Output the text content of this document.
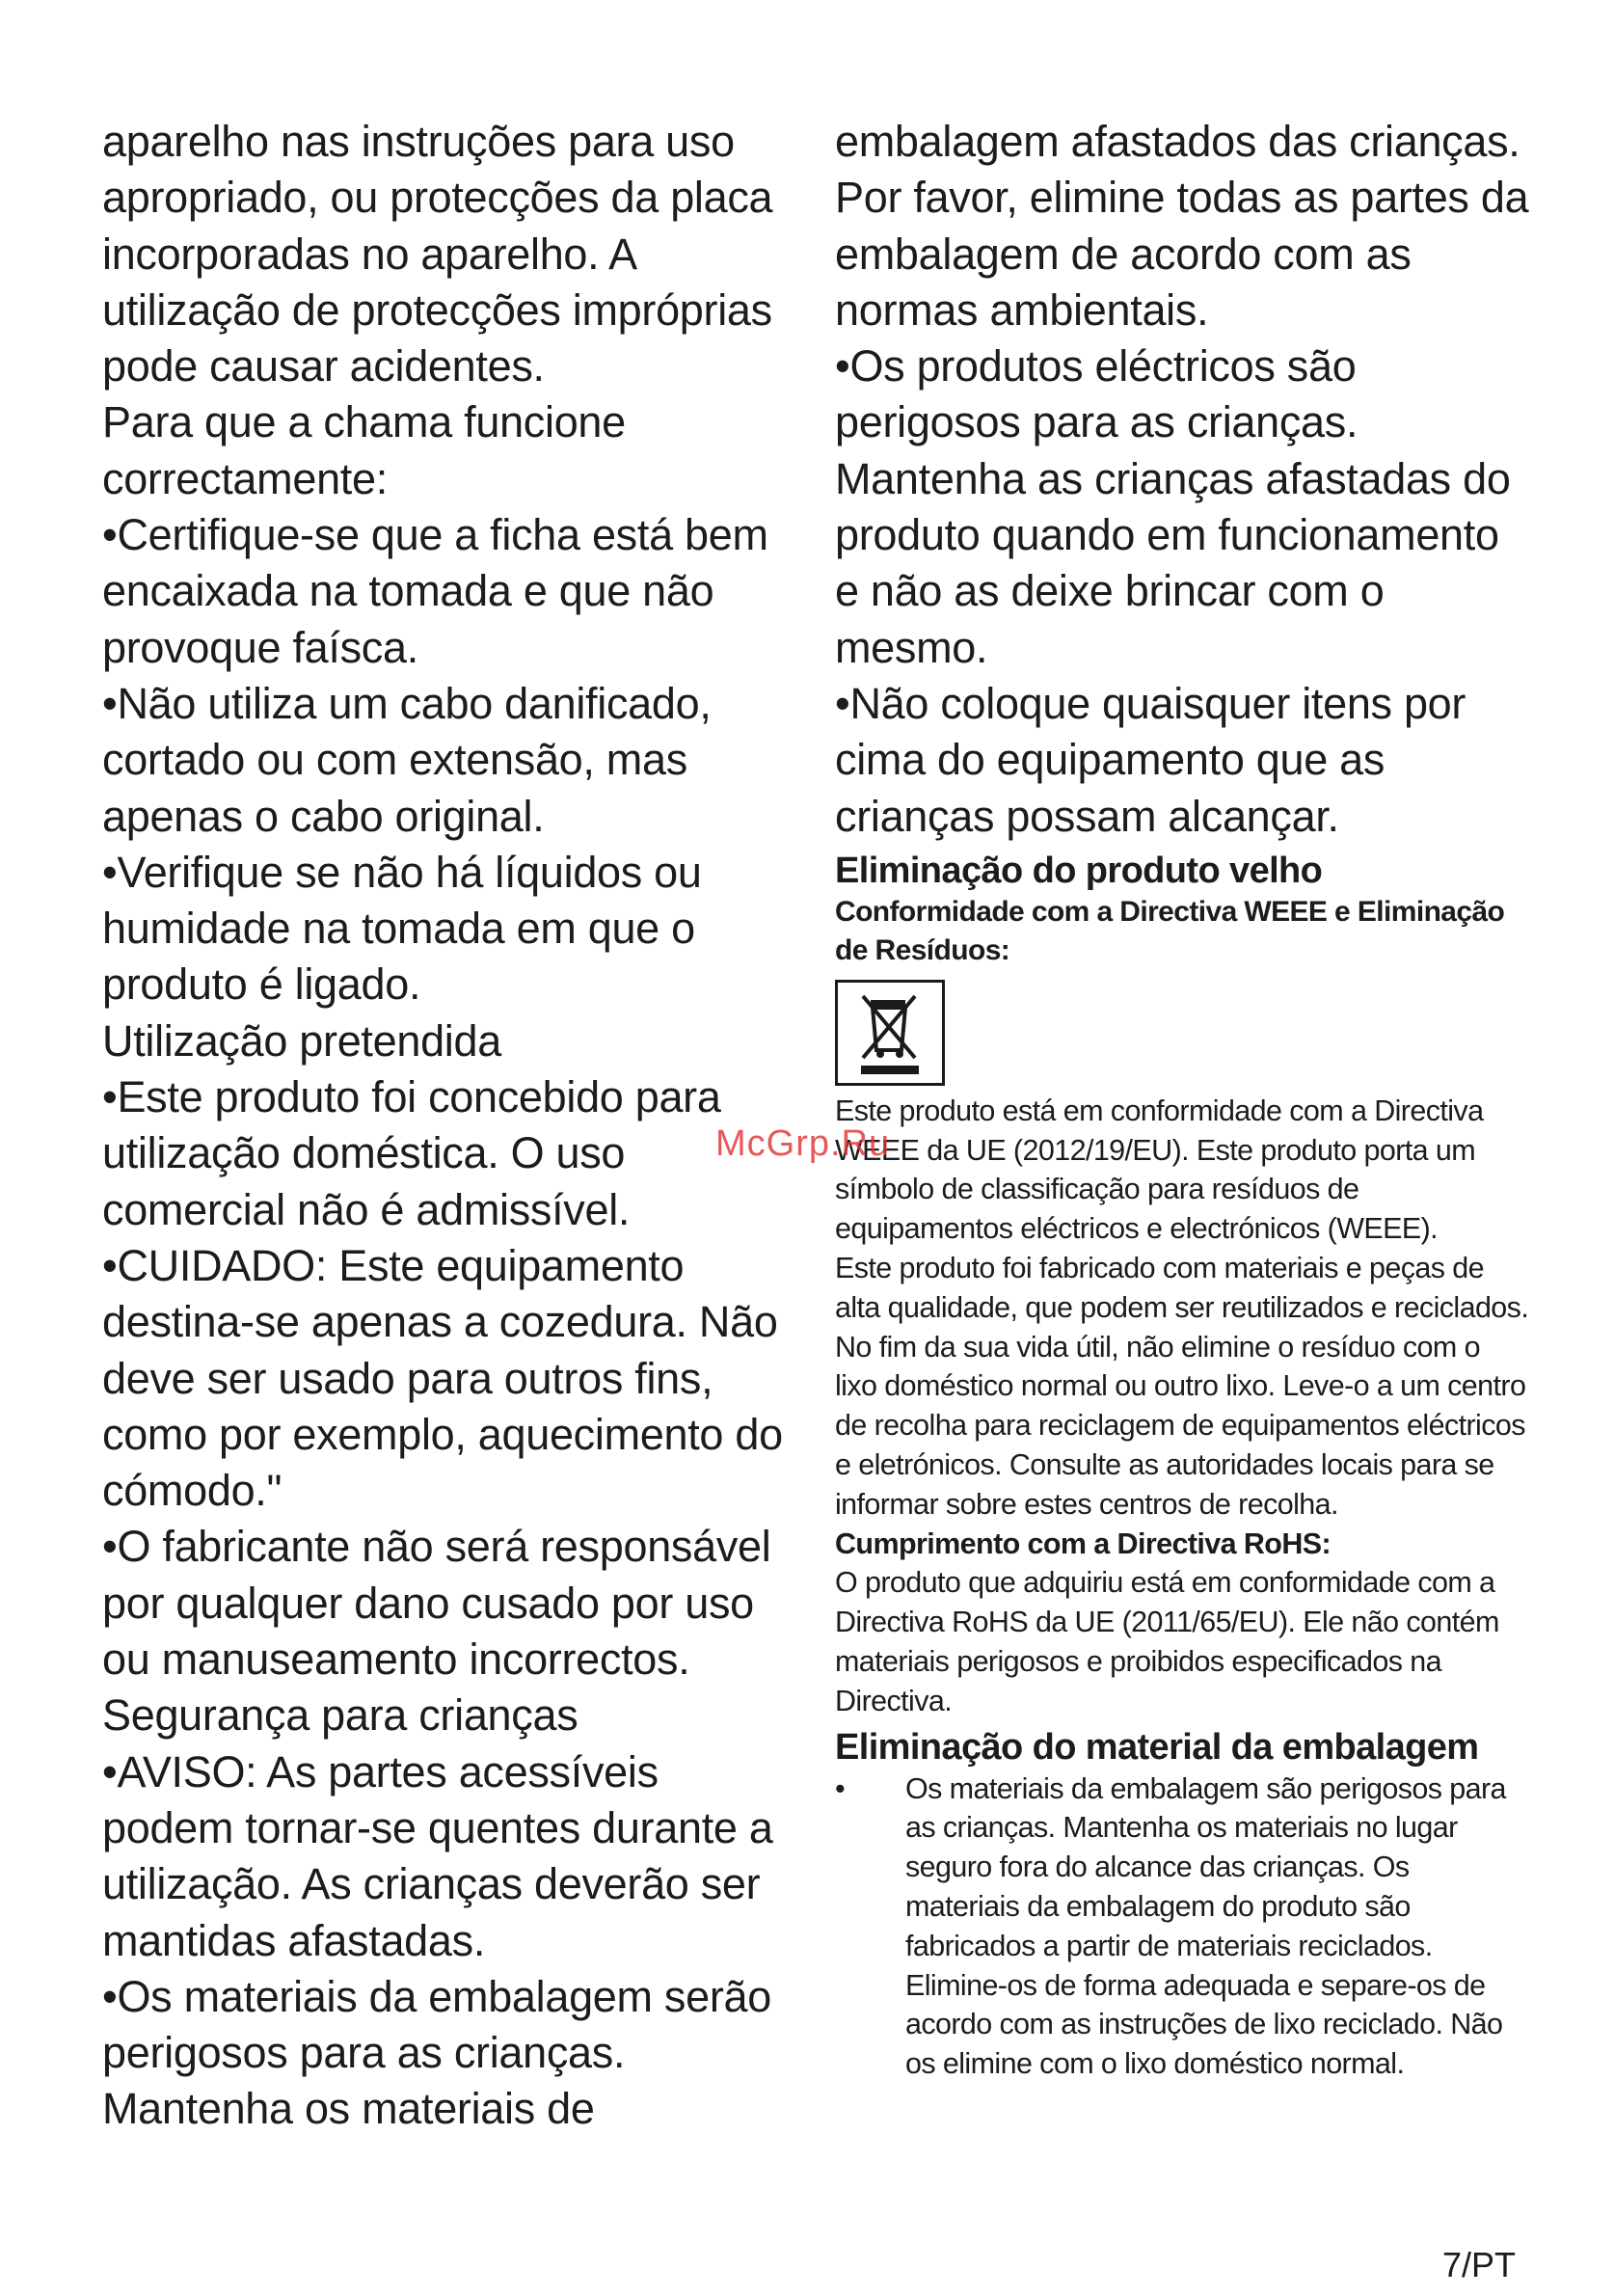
aparelho nas instruções para uso apropriado, ou protecções da placa incorporadas no aparelho. A utilização de protecções impróprias pode causar acidentes.
Para que a chama funcione correctamente:
•Certifique-se que a ficha está bem encaixada na tomada e que não provoque faísca.
•Não utiliza um cabo danificado, cortado ou com extensão, mas apenas o cabo original.
•Verifique se não há líquidos ou humidade na tomada em que o produto é ligado.
Utilização pretendida
•Este produto foi concebido para utilização doméstica. O uso comercial não é admissível.
•CUIDADO: Este equipamento destina-se apenas a cozedura. Não deve ser usado para outros fins, como por exemplo, aquecimento do cómodo."
•O fabricante não será responsável por qualquer dano cusado por uso ou manuseamento incorrectos.
Segurança para crianças
•AVISO: As partes acessíveis podem tornar-se quentes durante a utilização. As crianças deverão ser mantidas afastadas.
•Os materiais da embalagem serão perigosos para as crianças. Mantenha os materiais de
embalagem afastados das crianças. Por favor, elimine todas as partes da embalagem de acordo com as normas ambientais.
•Os produtos eléctricos são perigosos para as crianças. Mantenha as crianças afastadas do produto quando em funcionamento e não as deixe brincar com o mesmo.
•Não coloque quaisquer itens por cima do equipamento que as crianças possam alcançar.
Eliminação do produto velho
Conformidade com a Directiva WEEE e Eliminação de Resíduos:
Este produto está em conformidade com a Directiva WEEE da UE (2012/19/EU). Este produto porta um símbolo de classificação para resíduos de equipamentos eléctricos e electrónicos (WEEE).
Este produto foi fabricado com materiais e peças de alta qualidade, que podem ser reutilizados e reciclados. No fim da sua vida útil, não elimine o resíduo com o lixo doméstico normal ou outro lixo. Leve-o a um centro de recolha para reciclagem de equipamentos eléctricos e eletrónicos. Consulte as autoridades locais para se informar sobre estes centros de recolha.
Cumprimento com a Directiva RoHS:
O produto que adquiriu está em conformidade com a Directiva RoHS da UE (2011/65/EU). Ele não contém materiais perigosos e proibidos especificados na Directiva.
Eliminação do material da embalagem
• Os materiais da embalagem são perigosos para as crianças. Mantenha os materiais no lugar seguro fora do alcance das crianças. Os materiais da embalagem do produto são fabricados a partir de materiais reciclados. Elimine-os de forma adequada e separe-os de acordo com as instruções de lixo reciclado. Não os elimine com o lixo doméstico normal.
McGrp.Ru
7/PT
